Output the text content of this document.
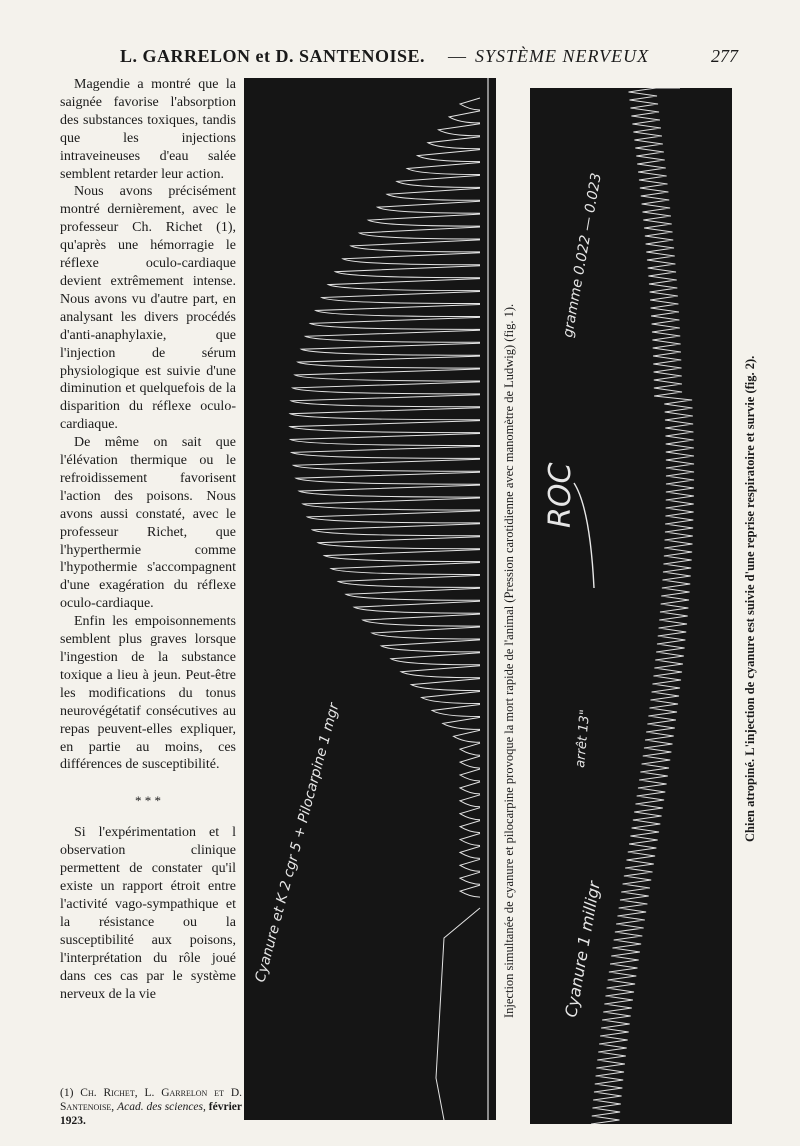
L. GARRELON et D. SANTENOISE. — SYSTÈME NERVEUX	277

Magendie a montré que la saignée favorise l'absorption des substances toxiques, tandis que les injections intraveineuses d'eau salée semblent retarder leur action.

Nous avons précisément montré dernièrement, avec le professeur Ch. Richet (1), qu'après une hémorragie le réflexe oculo-cardiaque devient extrêmement intense. Nous avons vu d'autre part, en analysant les divers procédés d'anti-anaphylaxie, que l'injection de sérum physiologique est suivie d'une diminution et quelquefois de la disparition du réflexe oculo-cardiaque.

De même on sait que l'élévation thermique ou le refroidissement favorisent l'action des poisons. Nous avons aussi constaté, avec le professeur Richet, que l'hyperthermie comme l'hypothermie s'accompagnent d'une exagération du réflexe oculo-cardiaque.

Enfin les empoisonnements semblent plus graves lorsque l'ingestion de la substance toxique a lieu à jeun. Peut-être les modifications du tonus neurovégétatif consécutives au repas peuvent-elles expliquer, en partie au moins, ces différences de susceptibilité.

* * *

Si l'expérimentation et l observation clinique permettent de constater qu'il existe un rapport étroit entre l'activité vago-sympathique et la résistance ou la susceptibilité aux poisons, l'interprétation du rôle joué dans ces cas par le système nerveux de la vie

(1) Ch. Richet, L. Garrelon et D. Santenoise, Acad. des sciences, février 1923.
Cyanure et K 2 cgr 5 + Pilocarpine 1 mgr	Injection simultanée de cyanure et pilocarpine provoque la mort rapide de l'animal (Pression carotidienne avec manomètre de Ludwig) (fig. 1). ROC
Cyanure 1 milligr
arrêt 13"
gramme 0.022 — 0.023
Chien atropiné. L'injection de cyanure est suivie d'une reprise respiratoire et survie (fig. 2).
